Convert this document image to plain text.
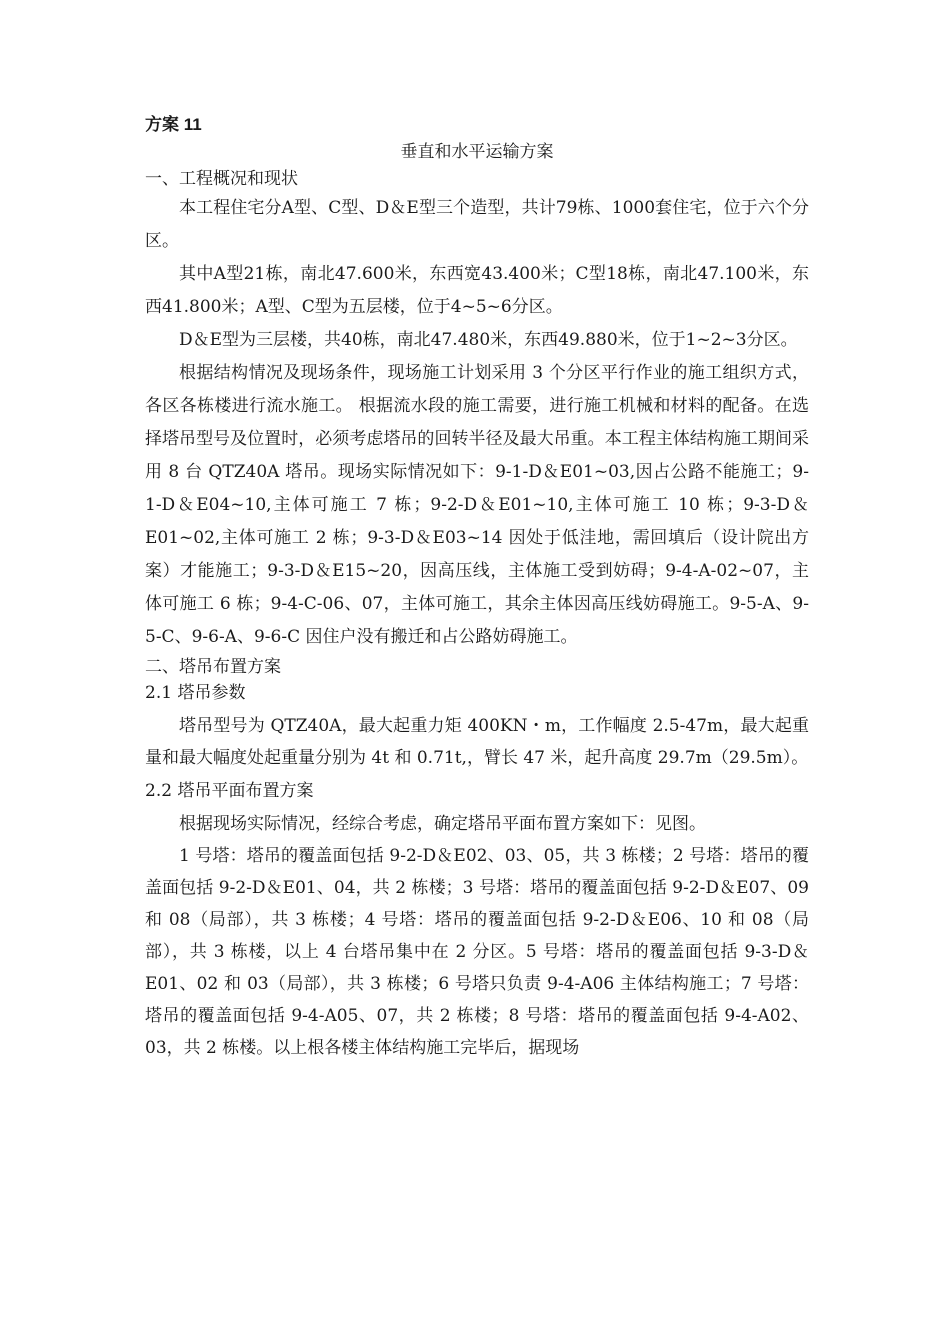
方案 11
垂直和水平运输方案
一、工程概况和现状

本工程住宅分A型、C型、D＆E型三个造型，共计79栋、1000套住宅，位于六个分区。

其中A型21栋，南北47.600米，东西宽43.400米；C型18栋，南北47.100米，东西41.800米；A型、C型为五层楼，位于4~5~6分区。

D＆E型为三层楼，共40栋，南北47.480米，东西49.880米，位于1~2~3分区。

根据结构情况及现场条件，现场施工计划采用 3 个分区平行作业的施工组织方式，各区各栋楼进行流水施工。 根据流水段的施工需要，进行施工机械和材料的配备。在选择塔吊型号及位置时，必须考虑塔吊的回转半径及最大吊重。本工程主体结构施工期间采用 8 台 QTZ40A 塔吊。现场实际情况如下：9-1-D＆E01~03,因占公路不能施工；9-1-D＆E04~10,主体可施工 7 栋；9-2-D＆E01~10,主体可施工 10 栋；9-3-D＆E01~02,主体可施工 2 栋；9-3-D＆E03~14 因处于低洼地，需回填后（设计院出方案）才能施工；9-3-D＆E15~20，因高压线，主体施工受到妨碍；9-4-A-02~07，主体可施工 6 栋；9-4-C-06、07，主体可施工，其余主体因高压线妨碍施工。9-5-A、9-5-C、9-6-A、9-6-C 因住户没有搬迁和占公路妨碍施工。

二、塔吊布置方案
2.1 塔吊参数

塔吊型号为 QTZ40A，最大起重力矩 400KN・m，工作幅度 2.5-47m，最大起重量和最大幅度处起重量分别为 4t 和 0.71t,，臂长 47 米，起升高度 29.7m（29.5m）。

2.2 塔吊平面布置方案

根据现场实际情况，经综合考虑，确定塔吊平面布置方案如下：见图。

1 号塔：塔吊的覆盖面包括 9-2-D＆E02、03、05，共 3 栋楼；2 号塔：塔吊的覆盖面包括 9-2-D＆E01、04，共 2 栋楼；3 号塔：塔吊的覆盖面包括 9-2-D＆E07、09 和 08（局部），共 3 栋楼；4 号塔：塔吊的覆盖面包括 9-2-D＆E06、10 和 08（局部），共 3 栋楼，以上 4 台塔吊集中在 2 分区。5 号塔：塔吊的覆盖面包括 9-3-D＆E01、02 和 03（局部），共 3 栋楼；6 号塔只负责 9-4-A06 主体结构施工；7 号塔：塔吊的覆盖面包括 9-4-A05、07，共 2 栋楼；8 号塔：塔吊的覆盖面包括 9-4-A02、03，共 2 栋楼。以上根各楼主体结构施工完毕后，据现场
